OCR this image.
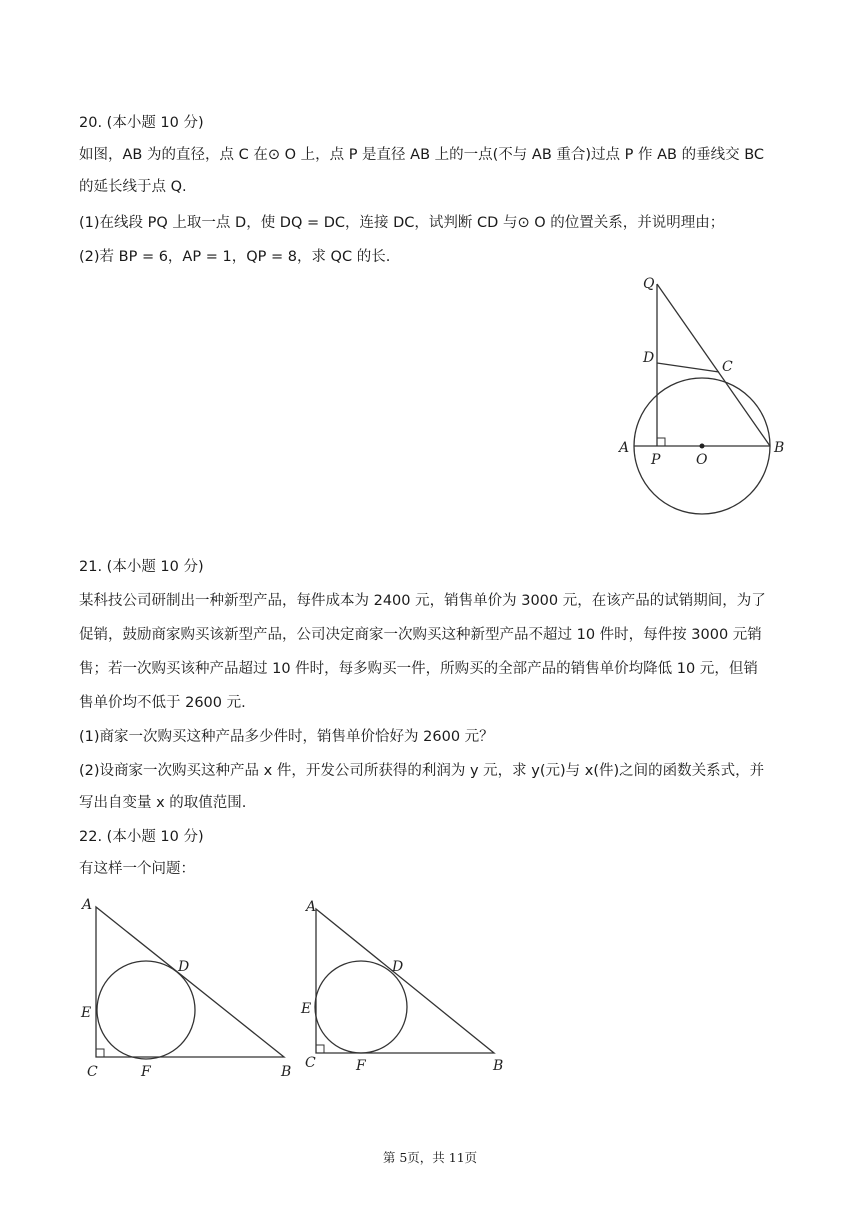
20. (本小题 10 分)
如图，AB 为的直径，点 C 在⊙ O 上，点 P 是直径 AB 上的一点(不与 AB 重合)过点 P 作 AB 的垂线交 BC
的延长线于点 Q.
(1)在线段 PQ 上取一点 D，使 DQ = DC，连接 DC，试判断 CD 与⊙ O 的位置关系，并说明理由；
(2)若 BP = 6，AP = 1，QP = 8，求 QC 的长.
Q
D
C
A
P	O
B
21. (本小题 10 分)
某科技公司研制出一种新型产品，每件成本为 2400 元，销售单价为 3000 元，在该产品的试销期间，为了
促销，鼓励商家购买该新型产品，公司决定商家一次购买这种新型产品不超过 10 件时，每件按 3000 元销
售；若一次购买该种产品超过 10 件时，每多购买一件，所购买的全部产品的销售单价均降低 10 元，但销
售单价均不低于 2600 元.
(1)商家一次购买这种产品多少件时，销售单价恰好为 2600 元？
(2)设商家一次购买这种产品 x 件，开发公司所获得的利润为 y 元，求 y(元)与 x(件)之间的函数关系式，并
写出自变量 x 的取值范围.
22. (本小题 10 分)
有这样一个问题：
A
D
E
C	F	B
A
D
E
C	F	B
第 5页，共 11页
